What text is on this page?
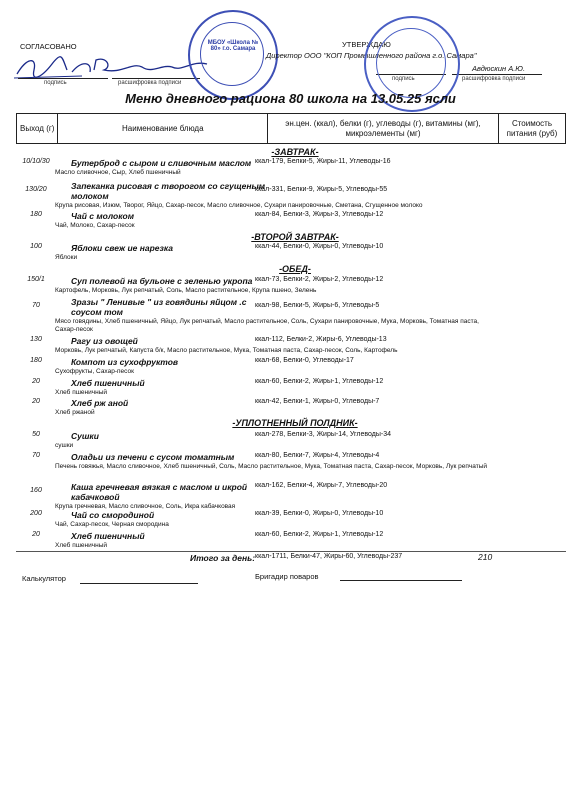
СОГЛАСОВАНО
подпись	расшифровка подписи
МБОУ «Школа № 80» г.о. Самара	УТВЕРЖДАЮ
Директор ООО "КОП Промышленного района г.о. Самара"
Авдюскин А.Ю.
подпись	расшифровка подписи
Меню дневного рациона 80 школа на 13.05.25 ясли
Выход (г)	Наименование блюда	эн.цен. (ккал), белки (г), углеводы (г), витамины (мг), микроэлементы (мг)	Стоимость питания (руб)
-ЗАВТРАК-
-ВТОРОЙ ЗАВТРАК-
-ОБЕД-
-УПЛОТНЕННЫЙ ПОЛДНИК-
10/10/30	Бутерброд с сыром и сливочным маслом ккал-179, Белки-5, Жиры-11, Углеводы-16
Масло сливочное, Сыр, Хлеб пшеничный
130/20	Запеканка рисовая с творогом со сгущеным молоком
ккал-331, Белки-9, Жиры-5, Углеводы-55
Крупа рисовая, Изюм, Творог, Яйцо, Сахар-песок, Масло сливочное, Сухари панировочные, Сметана, Сгущенное молоко
180	Чай с молоком	ккал-84, Белки-3, Жиры-3, Углеводы-12
Чай, Молоко, Сахар-песок
100	Яблоки свеж ие нарезка	ккал-44, Белки-0, Жиры-0, Углеводы-10
Яблоки
150/1	Суп полевой на бульоне с зеленью укропа ккал-73, Белки-2, Жиры-2, Углеводы-12
Картофель, Морковь, Лук репчатый, Соль, Масло растительное, Крупа пшено, Зелень
70	Зразы " Ленивые " из говядины яйцом .с соусом том
ккал-98, Белки-5, Жиры-6, Углеводы-5
Мясо говядины, Хлеб пшеничный, Яйцо, Лук репчатый, Масло растительное, Соль, Сухари панировочные, Мука, Морковь, Томатная паста, Сахар-песок
130	Рагу из овощей	ккал-112, Белки-2, Жиры-6, Углеводы-13
Морковь, Лук репчатый, Капуста б/к, Масло растительное, Мука, Томатная паста, Сахар-песок, Соль, Картофель
180	Компот из сухофруктов	ккал-68, Белки-0, Углеводы-17
Сухофрукты, Сахар-песок
20	Хлеб пшеничный	ккал-60, Белки-2, Жиры-1, Углеводы-12
Хлеб пшеничный
20	Хлеб рж аной	ккал-42, Белки-1, Жиры-0, Углеводы-7
Хлеб ржаной
50	Сушки	ккал-278, Белки-3, Жиры-14, Углеводы-34
сушки
70	Оладьи из печени с сусом томатным	ккал-80, Белки-7, Жиры-4, Углеводы-4
Печень говяжья, Масло сливочное, Хлеб пшеничный, Соль, Масло растительное, Мука, Томатная паста, Сахар-песок, Морковь, Лук репчатый
160	Каша гречневая вязкая с маслом и икрой кабачковой
ккал-162, Белки-4, Жиры-7, Углеводы-20
Крупа гречневая, Масло сливочное, Соль, Икра кабачковая
200	Чай со смородиной	ккал-39, Белки-0, Жиры-0, Углеводы-10
Чай, Сахар-песок, Черная смородина
20	Хлеб пшеничный	ккал-60, Белки-2, Жиры-1, Углеводы-12
Хлеб пшеничный
Итого за день: ккал-1711, Белки-47, Жиры-60, Углеводы-237	210
Калькулятор	Бригадир поваров
